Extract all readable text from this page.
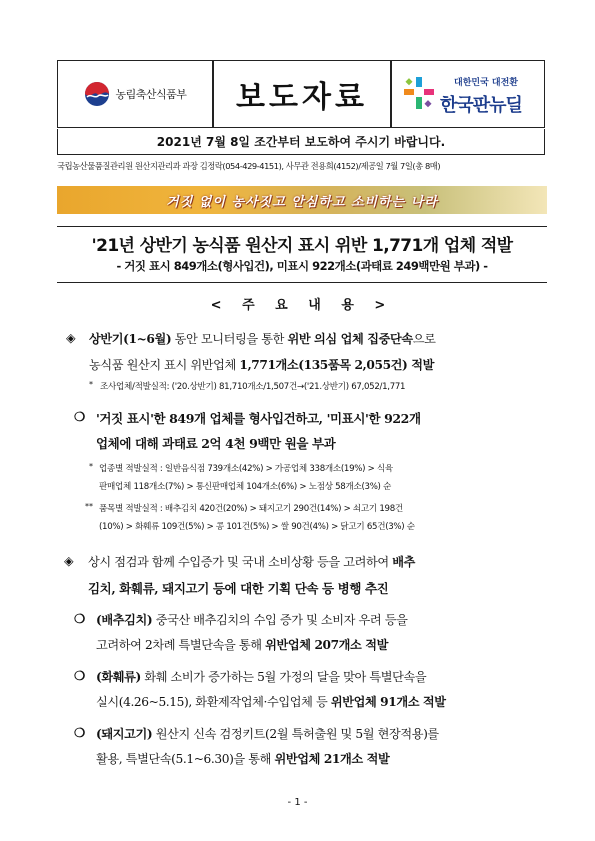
농림축산식품부 보도자료	대한민국 대전환
한국판뉴딜
2021년 7월 8일 조간부터 보도하여 주시기 바랍니다.
국립농산물품질관리원 원산지관리과 과장 김정락(054-429-4151), 사무관 전용희(4152)/제공일 7월 7일(총 8매)
거짓 없이 농사짓고 안심하고 소비하는 나라
'21년 상반기 농식품 원산지 표시 위반 1,771개 업체 적발
- 거짓 표시 849개소(형사입건), 미표시 922개소(과태료 249백만원 부과) -
< 주 요 내 용 >
◈ 상반기(1~6월) 동안 모니터링을 통한 위반 의심 업체 집중단속으로
농식품 원산지 표시 위반업체 1,771개소(135품목 2,055건) 적발
* 조사업체/적발실적: ('20.상반기) 81,710개소/1,507건→('21.상반기) 67,052/1,771
❍ '거짓 표시'한 849개 업체를 형사입건하고, '미표시'한 922개
업체에 대해 과태료 2억 4천 9백만 원을 부과
* 업종별 적발실적 : 일반음식점 739개소(42%) > 가공업체 338개소(19%) > 식육
판매업체 118개소(7%) > 통신판매업체 104개소(6%) > 노점상 58개소(3%) 순
** 품목별 적발실적 : 배추김치 420건(20%) > 돼지고기 290건(14%) > 쇠고기 198건
(10%) > 화훼류 109건(5%) > 콩 101건(5%) > 쌀 90건(4%) > 닭고기 65건(3%) 순
◈ 상시 점검과 함께 수입증가 및 국내 소비상황 등을 고려하여 배추
김치, 화훼류, 돼지고기 등에 대한 기획 단속 등 병행 추진
❍ (배추김치) 중국산 배추김치의 수입 증가 및 소비자 우려 등을
고려하여 2차례 특별단속을 통해 위반업체 207개소 적발
❍ (화훼류) 화훼 소비가 증가하는 5월 가정의 달을 맞아 특별단속을
실시(4.26~5.15), 화환제작업체·수입업체 등 위반업체 91개소 적발
❍ (돼지고기) 원산지 신속 검정키트(2월 특허출원 및 5월 현장적용)를
활용, 특별단속(5.1~6.30)을 통해 위반업체 21개소 적발
- 1 -
